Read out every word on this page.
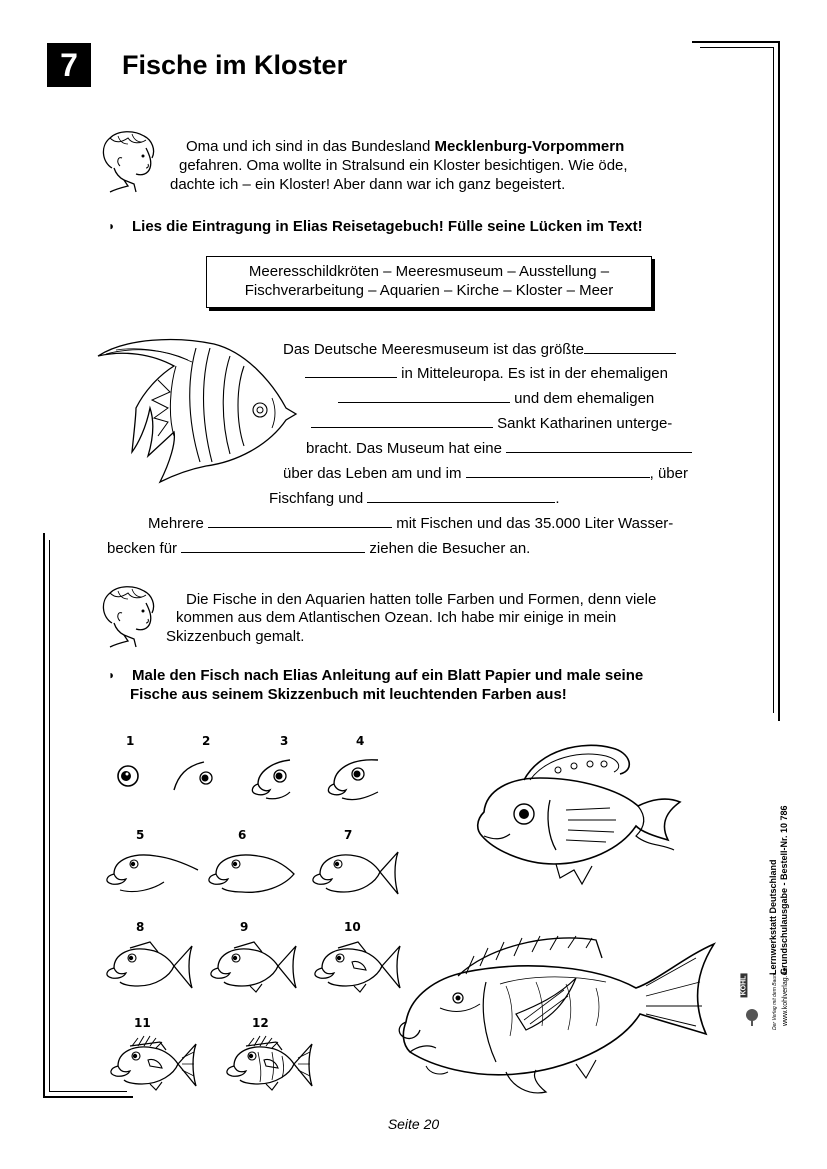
7	Fische im Kloster
Oma und ich sind in das Bundesland Mecklenburg-Vorpommern
gefahren. Oma wollte in Stralsund ein Kloster besichtigen. Wie öde,
dachte ich – ein Kloster! Aber dann war ich ganz begeistert.
◗ Lies die Eintragung in Elias Reisetagebuch! Fülle seine Lücken im Text!
Meeresschildkröten – Meeresmuseum – Ausstellung –
Fischverarbeitung – Aquarien – Kirche – Kloster – Meer
Das Deutsche Meeresmuseum ist das größte
in Mitteleuropa. Es ist in der ehemaligen
und dem ehemaligen
Sankt Katharinen unterge-
bracht. Das Museum hat eine
über das Leben am und im	, über
Fischfang und	.
Mehrere	mit Fischen und das 35.000 Liter Wasser-
becken für	ziehen die Besucher an.
Die Fische in den Aquarien hatten tolle Farben und Formen, denn viele
kommen aus dem Atlantischen Ozean. Ich habe mir einige in mein
Skizzenbuch gemalt.
◗ Male den Fisch nach Elias Anleitung auf ein Blatt Papier und male seine
Fische aus seinem Skizzenbuch mit leuchtenden Farben aus!
1	2	3	4
5	6	7
8	9	10
11	12
Lernwerkstatt Deutschland Grundschulausgabe - Bestell-Nr. 10 786
KOHL	Der Verlag mit dem Baum www.kohlverlag.de
Seite 20
